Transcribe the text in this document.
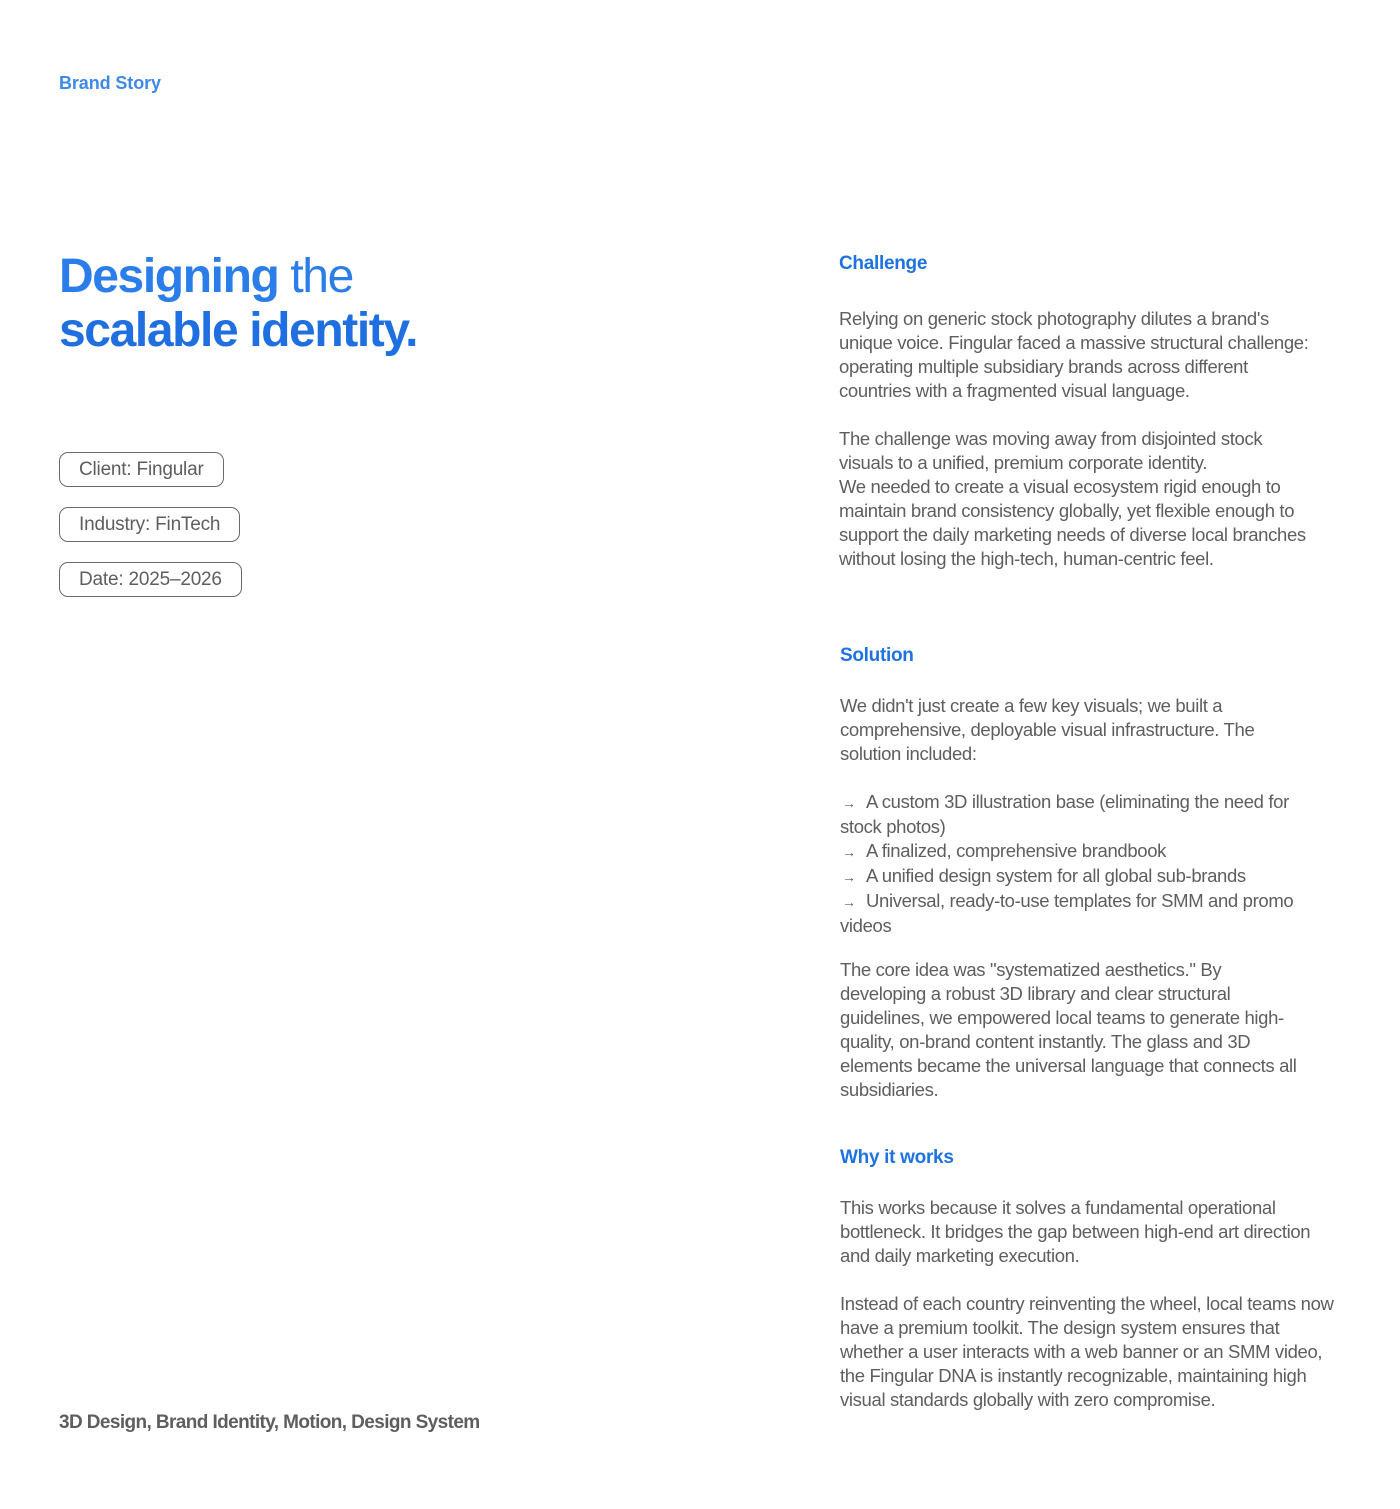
Brand Story
Designing the
scalable identity.
Client: Fingular
Industry: FinTech
Date: 2025–2026
3D Design, Brand Identity, Motion, Design System
Challenge

Relying on generic stock photography dilutes a brand's unique voice. Fingular faced a massive structural challenge: operating multiple subsidiary brands across different countries with a fragmented visual language.

The challenge was moving away from disjointed stock visuals to a unified, premium corporate identity.

We needed to create a visual ecosystem rigid enough to maintain brand consistency globally, yet flexible enough to support the daily marketing needs of diverse local branches without losing the high-tech, human-centric feel.

Solution

We didn't just create a few key visuals; we built a comprehensive, deployable visual infrastructure. The solution included:

→ A custom 3D illustration base (eliminating the need for stock photos)
→ A finalized, comprehensive brandbook
→ A unified design system for all global sub-brands
→ Universal, ready-to-use templates for SMM and promo videos

The core idea was "systematized aesthetics." By developing a robust 3D library and clear structural guidelines, we empowered local teams to generate high-quality, on-brand content instantly. The glass and 3D elements became the universal language that connects all subsidiaries.

Why it works

This works because it solves a fundamental operational bottleneck. It bridges the gap between high-end art direction and daily marketing execution.

Instead of each country reinventing the wheel, local teams now have a premium toolkit. The design system ensures that whether a user interacts with a web banner or an SMM video, the Fingular DNA is instantly recognizable, maintaining high visual standards globally with zero compromise.
